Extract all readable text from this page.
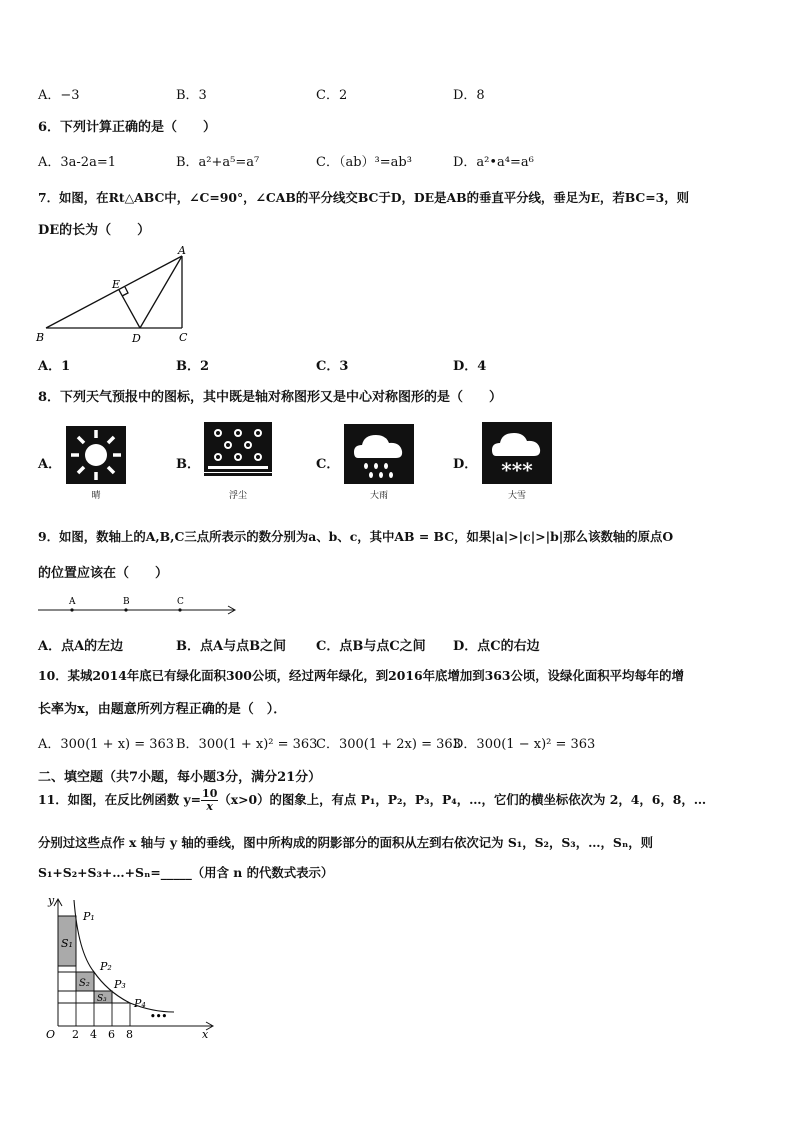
A．−3	B．3	C．2	D．8
6．下列计算正确的是（　　）
A．3a-2a=1	B．a²+a⁵=a⁷	C．（ab）³=ab³	D．a²•a⁴=a⁶
7．如图，在Rt△ABC中，∠C=90°，∠CAB的平分线交BC于D，DE是AB的垂直平分线，垂足为E，若BC=3，则
DE的长为（　　）
A
B	C
D
E
A．1	B．2	C．3	D．4
8．下列天气预报中的图标，其中既是轴对称图形又是中心对称图形的是（　　）
A．
晴
B．
浮尘
C．
大雨
D． ***
大雪
9．如图，数轴上的A,B,C三点所表示的数分别为a、b、c，其中AB = BC，如果|a|>|c|>|b|那么该数轴的原点O
的位置应该在（　　）
A	B	C
A．点A的左边	B．点A与点B之间 C．点B与点C之间 D．点C的右边
10．某城2014年底已有绿化面积300公顷，经过两年绿化，到2016年底增加到363公顷，设绿化面积平均每年的增
长率为x，由题意所列方程正确的是（　）．
A．300(1 + x) = 363 B．300(1 + x)² = 363
C．300(1 + 2x) = 363
D．300(1 − x)² = 363
二、填空题（共7小题，每小题3分，满分21分）
11．如图，在反比例函数 $y= \frac{10}{x} (x>0)$的图象上，有点 P₁，P₂，P₃，P₄，…，它们的横坐标依次为 2，4，6，8，…
分别过这些点作 x 轴与 y 轴的垂线，图中所构成的阴影部分的面积从左到右依次记为 S₁，S₂，S₃，…，Sₙ，则
S₁+S₂+S₃+…+Sₙ=_____（用含 n 的代数式表示）
y
x
O
P₁
P₂
P₃
P₄
S₁
S₂
S₃
2 4 6 8
•••
